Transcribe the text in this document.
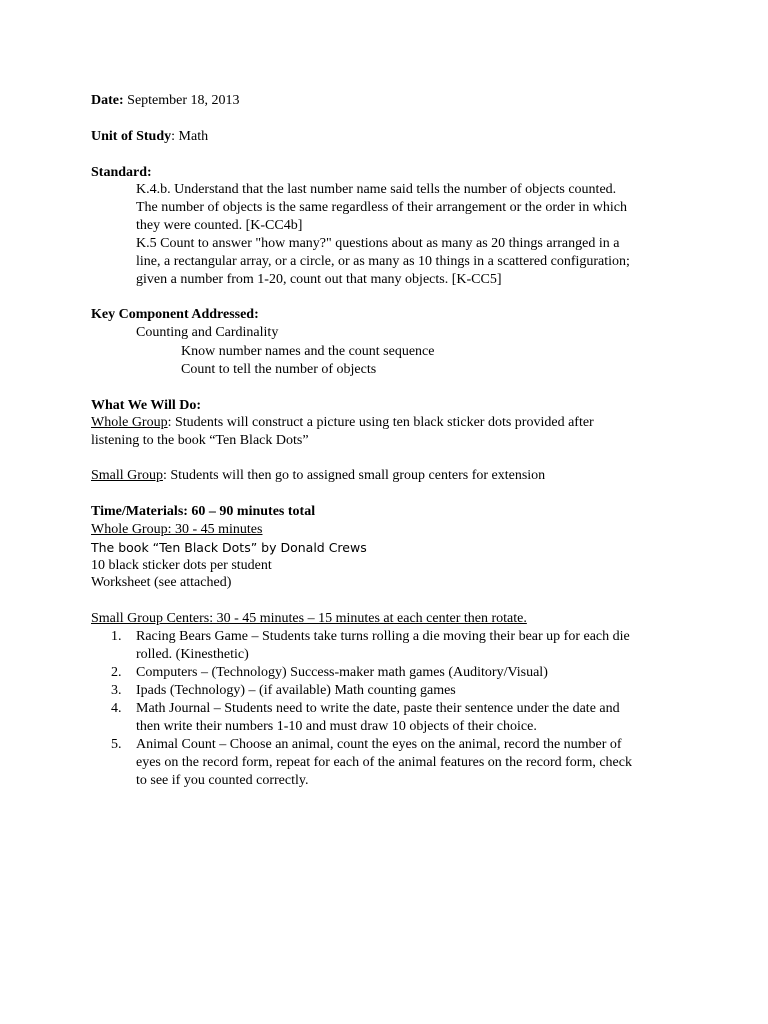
Date: September 18, 2013
Unit of Study: Math
Standard:
K.4.b. Understand that the last number name said tells the number of objects counted.
The number of objects is the same regardless of their arrangement or the order in which
they were counted. [K-CC4b]
K.5 Count to answer "how many?" questions about as many as 20 things arranged in a
line, a rectangular array, or a circle, or as many as 10 things in a scattered configuration;
given a number from 1-20, count out that many objects. [K-CC5]
Key Component Addressed:
Counting and Cardinality
Know number names and the count sequence
Count to tell the number of objects
What We Will Do:
Whole Group: Students will construct a picture using ten black sticker dots provided after
listening to the book “Ten Black Dots”
Small Group: Students will then go to assigned small group centers for extension
Time/Materials: 60 – 90 minutes total
Whole Group: 30 - 45 minutes
The book “Ten Black Dots” by Donald Crews
10 black sticker dots per student
Worksheet (see attached)
Small Group Centers: 30 - 45 minutes – 15 minutes at each center then rotate.
1. Racing Bears Game – Students take turns rolling a die moving their bear up for each die
rolled. (Kinesthetic)
2. Computers – (Technology) Success-maker math games (Auditory/Visual)
3. Ipads (Technology) – (if available) Math counting games
4. Math Journal – Students need to write the date, paste their sentence under the date and
then write their numbers 1-10 and must draw 10 objects of their choice.
5. Animal Count – Choose an animal, count the eyes on the animal, record the number of
eyes on the record form, repeat for each of the animal features on the record form, check
to see if you counted correctly.
